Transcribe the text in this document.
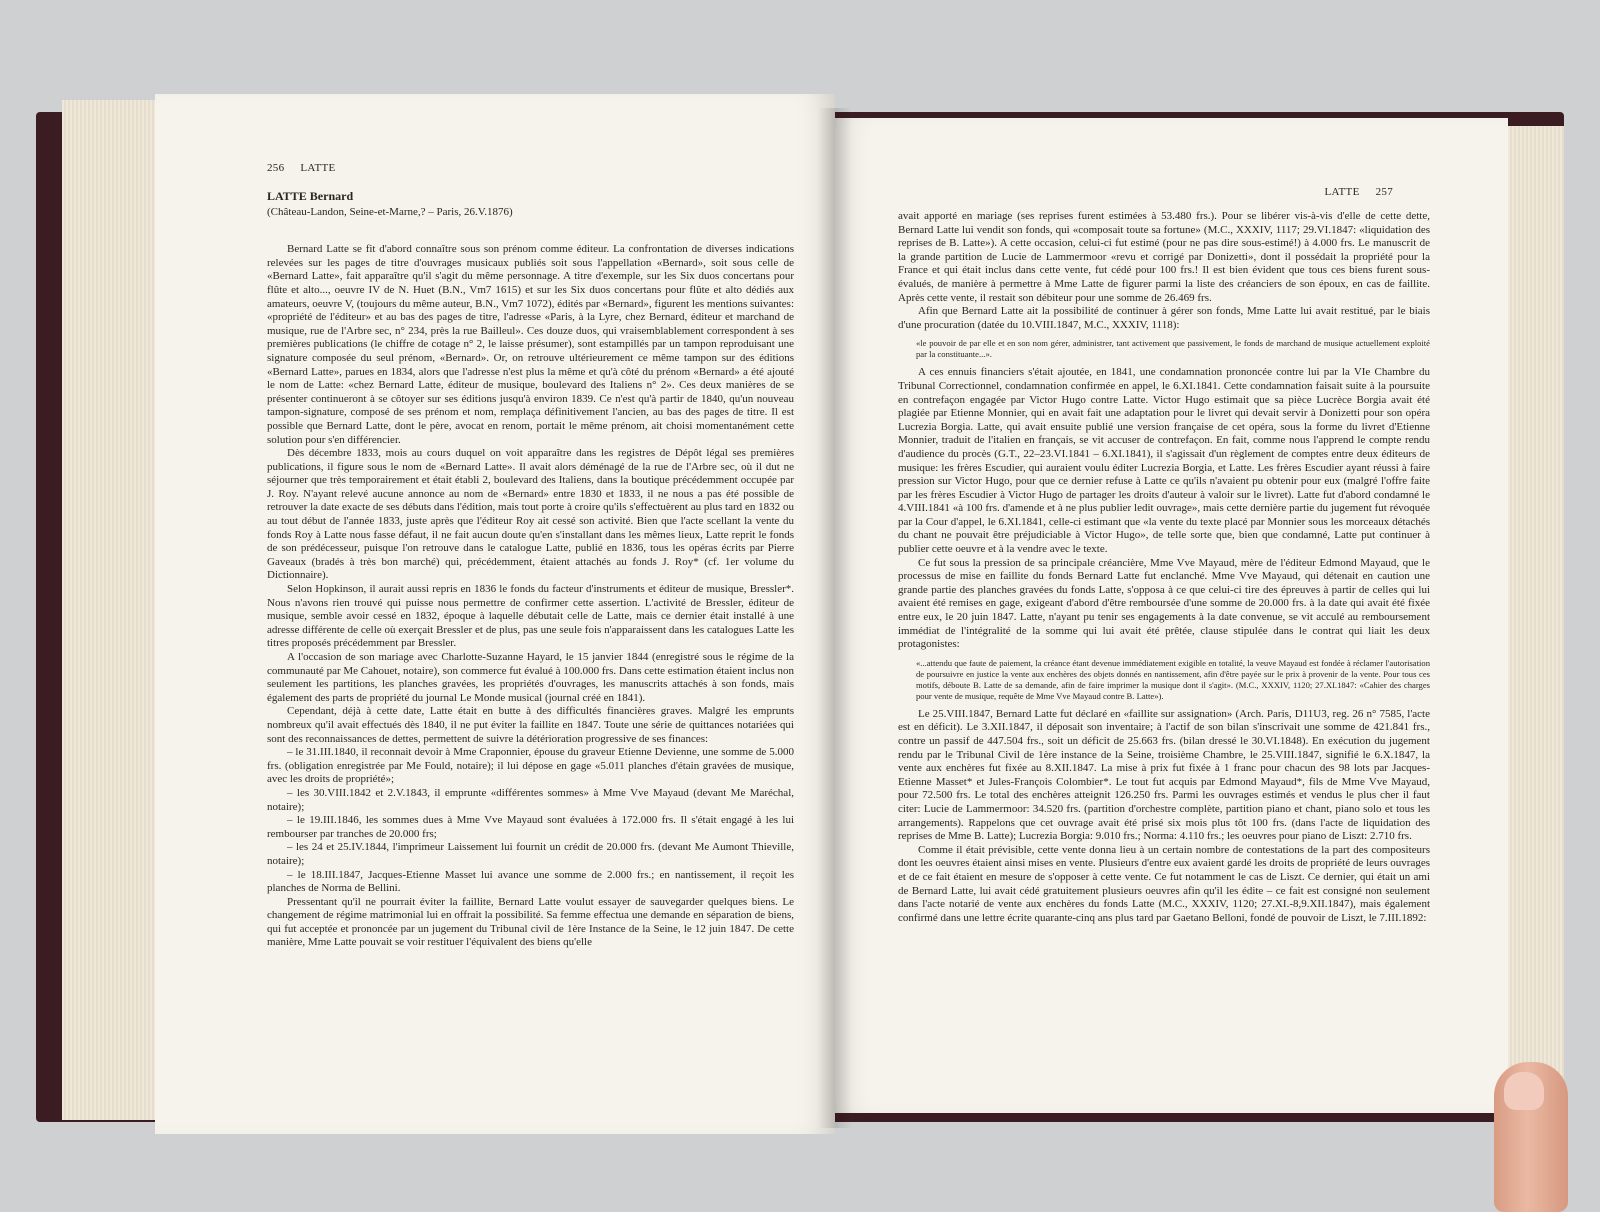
256 LATTE

LATTE Bernard

(Château-Landon, Seine-et-Marne,? – Paris, 26.V.1876)

Bernard Latte se fit d'abord connaître sous son prénom comme éditeur. La confrontation de diverses indications relevées sur les pages de titre d'ouvrages musicaux publiés soit sous l'appellation «Bernard», soit sous celle de «Bernard Latte», fait apparaître qu'il s'agit du même personnage. A titre d'exemple, sur les Six duos concertans pour flûte et alto..., oeuvre IV de N. Huet (B.N., Vm7 1615) et sur les Six duos concertans pour flûte et alto dédiés aux amateurs, oeuvre V, (toujours du même auteur, B.N., Vm7 1072), édités par «Bernard», figurent les mentions suivantes: «propriété de l'éditeur» et au bas des pages de titre, l'adresse «Paris, à la Lyre, chez Bernard, éditeur et marchand de musique, rue de l'Arbre sec, n° 234, près la rue Bailleul». Ces douze duos, qui vraisemblablement correspondent à ses premières publications (le chiffre de cotage n° 2, le laisse présumer), sont estampillés par un tampon reproduisant une signature composée du seul prénom, «Bernard». Or, on retrouve ultérieurement ce même tampon sur des éditions «Bernard Latte», parues en 1834, alors que l'adresse n'est plus la même et qu'à côté du prénom «Bernard» a été ajouté le nom de Latte: «chez Bernard Latte, éditeur de musique, boulevard des Italiens n° 2». Ces deux manières de se présenter continueront à se côtoyer sur ses éditions jusqu'à environ 1839. Ce n'est qu'à partir de 1840, qu'un nouveau tampon-signature, composé de ses prénom et nom, remplaça définitivement l'ancien, au bas des pages de titre. Il est possible que Bernard Latte, dont le père, avocat en renom, portait le même prénom, ait choisi momentanément cette solution pour s'en différencier.

Dès décembre 1833, mois au cours duquel on voit apparaître dans les registres de Dépôt légal ses premières publications, il figure sous le nom de «Bernard Latte». Il avait alors déménagé de la rue de l'Arbre sec, où il dut ne séjourner que très temporairement et était établi 2, boulevard des Italiens, dans la boutique précédemment occupée par J. Roy. N'ayant relevé aucune annonce au nom de «Bernard» entre 1830 et 1833, il ne nous a pas été possible de retrouver la date exacte de ses débuts dans l'édition, mais tout porte à croire qu'ils s'effectuèrent au plus tard en 1832 ou au tout début de l'année 1833, juste après que l'éditeur Roy ait cessé son activité. Bien que l'acte scellant la vente du fonds Roy à Latte nous fasse défaut, il ne fait aucun doute qu'en s'installant dans les mêmes lieux, Latte reprit le fonds de son prédécesseur, puisque l'on retrouve dans le catalogue Latte, publié en 1836, tous les opéras écrits par Pierre Gaveaux (bradés à très bon marché) qui, précédemment, étaient attachés au fonds J. Roy* (cf. 1er volume du Dictionnaire).

Selon Hopkinson, il aurait aussi repris en 1836 le fonds du facteur d'instruments et éditeur de musique, Bressler*. Nous n'avons rien trouvé qui puisse nous permettre de confirmer cette assertion. L'activité de Bressler, éditeur de musique, semble avoir cessé en 1832, époque à laquelle débutait celle de Latte, mais ce dernier était installé à une adresse différente de celle où exerçait Bressler et de plus, pas une seule fois n'apparaissent dans les catalogues Latte les titres proposés précédemment par Bressler.

A l'occasion de son mariage avec Charlotte-Suzanne Hayard, le 15 janvier 1844 (enregistré sous le régime de la communauté par Me Cahouet, notaire), son commerce fut évalué à 100.000 frs. Dans cette estimation étaient inclus non seulement les partitions, les planches gravées, les propriétés d'ouvrages, les manuscrits attachés à son fonds, mais également des parts de propriété du journal Le Monde musical (journal créé en 1841).

Cependant, déjà à cette date, Latte était en butte à des difficultés financières graves. Malgré les emprunts nombreux qu'il avait effectués dès 1840, il ne put éviter la faillite en 1847. Toute une série de quittances notariées qui sont des reconnaissances de dettes, permettent de suivre la détérioration progressive de ses finances:

– le 31.III.1840, il reconnait devoir à Mme Craponnier, épouse du graveur Etienne Devienne, une somme de 5.000 frs. (obligation enregistrée par Me Fould, notaire); il lui dépose en gage «5.011 planches d'étain gravées de musique, avec les droits de propriété»;

– les 30.VIII.1842 et 2.V.1843, il emprunte «différentes sommes» à Mme Vve Mayaud (devant Me Maréchal, notaire);

– le 19.III.1846, les sommes dues à Mme Vve Mayaud sont évaluées à 172.000 frs. Il s'était engagé à les lui rembourser par tranches de 20.000 frs;

– les 24 et 25.IV.1844, l'imprimeur Laissement lui fournit un crédit de 20.000 frs. (devant Me Aumont Thieville, notaire);

– le 18.III.1847, Jacques-Etienne Masset lui avance une somme de 2.000 frs.; en nantissement, il reçoit les planches de Norma de Bellini.

Pressentant qu'il ne pourrait éviter la faillite, Bernard Latte voulut essayer de sauvegarder quelques biens. Le changement de régime matrimonial lui en offrait la possibilité. Sa femme effectua une demande en séparation de biens, qui fut acceptée et prononcée par un jugement du Tribunal civil de 1ère Instance de la Seine, le 12 juin 1847. De cette manière, Mme Latte pouvait se voir restituer l'équivalent des biens qu'elle

LATTE 257

avait apporté en mariage (ses reprises furent estimées à 53.480 frs.). Pour se libérer vis-à-vis d'elle de cette dette, Bernard Latte lui vendit son fonds, qui «composait toute sa fortune» (M.C., XXXIV, 1117; 29.VI.1847: «liquidation des reprises de B. Latte»). A cette occasion, celui-ci fut estimé (pour ne pas dire sous-estimé!) à 4.000 frs. Le manuscrit de la grande partition de Lucie de Lammermoor «revu et corrigé par Donizetti», dont il possédait la propriété pour la France et qui était inclus dans cette vente, fut cédé pour 100 frs.! Il est bien évident que tous ces biens furent sous-évalués, de manière à permettre à Mme Latte de figurer parmi la liste des créanciers de son époux, en cas de faillite. Après cette vente, il restait son débiteur pour une somme de 26.469 frs.

Afin que Bernard Latte ait la possibilité de continuer à gérer son fonds, Mme Latte lui avait restitué, par le biais d'une procuration (datée du 10.VIII.1847, M.C., XXXIV, 1118):

«le pouvoir de par elle et en son nom gérer, administrer, tant activement que passivement, le fonds de marchand de musique actuellement exploité par la constituante...».

A ces ennuis financiers s'était ajoutée, en 1841, une condamnation prononcée contre lui par la VIe Chambre du Tribunal Correctionnel, condamnation confirmée en appel, le 6.XI.1841. Cette condamnation faisait suite à la poursuite en contrefaçon engagée par Victor Hugo contre Latte. Victor Hugo estimait que sa pièce Lucrèce Borgia avait été plagiée par Etienne Monnier, qui en avait fait une adaptation pour le livret qui devait servir à Donizetti pour son opéra Lucrezia Borgia. Latte, qui avait ensuite publié une version française de cet opéra, sous la forme du livret d'Etienne Monnier, traduit de l'italien en français, se vit accuser de contrefaçon. En fait, comme nous l'apprend le compte rendu d'audience du procès (G.T., 22–23.VI.1841 – 6.XI.1841), il s'agissait d'un règlement de comptes entre deux éditeurs de musique: les frères Escudier, qui auraient voulu éditer Lucrezia Borgia, et Latte. Les frères Escudier ayant réussi à faire pression sur Victor Hugo, pour que ce dernier refuse à Latte ce qu'ils n'avaient pu obtenir pour eux (malgré l'offre faite par les frères Escudier à Victor Hugo de partager les droits d'auteur à valoir sur le livret). Latte fut d'abord condamné le 4.VIII.1841 «à 100 frs. d'amende et à ne plus publier ledit ouvrage», mais cette dernière partie du jugement fut révoquée par la Cour d'appel, le 6.XI.1841, celle-ci estimant que «la vente du texte placé par Monnier sous les morceaux détachés du chant ne pouvait être préjudiciable à Victor Hugo», de telle sorte que, bien que condamné, Latte put continuer à publier cette oeuvre et à la vendre avec le texte.

Ce fut sous la pression de sa principale créancière, Mme Vve Mayaud, mère de l'éditeur Edmond Mayaud, que le processus de mise en faillite du fonds Bernard Latte fut enclanché. Mme Vve Mayaud, qui détenait en caution une grande partie des planches gravées du fonds Latte, s'opposa à ce que celui-ci tire des épreuves à partir de celles qui lui avaient été remises en gage, exigeant d'abord d'être remboursée d'une somme de 20.000 frs. à la date qui avait été fixée entre eux, le 20 juin 1847. Latte, n'ayant pu tenir ses engagements à la date convenue, se vit acculé au remboursement immédiat de l'intégralité de la somme qui lui avait été prêtée, clause stipulée dans le contrat qui liait les deux protagonistes:

«...attendu que faute de paiement, la créance étant devenue immédiatement exigible en totalité, la veuve Mayaud est fondée à réclamer l'autorisation de poursuivre en justice la vente aux enchères des objets donnés en nantissement, afin d'être payée sur le prix à provenir de la vente. Pour tous ces motifs, déboute B. Latte de sa demande, afin de faire imprimer la musique dont il s'agit». (M.C., XXXIV, 1120; 27.XI.1847: «Cahier des charges pour vente de musique, requête de Mme Vve Mayaud contre B. Latte»).

Le 25.VIII.1847, Bernard Latte fut déclaré en «faillite sur assignation» (Arch. Paris, D11U3, reg. 26 n° 7585, l'acte est en déficit). Le 3.XII.1847, il déposait son inventaire; à l'actif de son bilan s'inscrivait une somme de 421.841 frs., contre un passif de 447.504 frs., soit un déficit de 25.663 frs. (bilan dressé le 30.VI.1848). En exécution du jugement rendu par le Tribunal Civil de 1ère instance de la Seine, troisième Chambre, le 25.VIII.1847, signifié le 6.X.1847, la vente aux enchères fut fixée au 8.XII.1847. La mise à prix fut fixée à 1 franc pour chacun des 98 lots par Jacques-Etienne Masset* et Jules-François Colombier*. Le tout fut acquis par Edmond Mayaud*, fils de Mme Vve Mayaud, pour 72.500 frs. Le total des enchères atteignit 126.250 frs. Parmi les ouvrages estimés et vendus le plus cher il faut citer: Lucie de Lammermoor: 34.520 frs. (partition d'orchestre complète, partition piano et chant, piano solo et tous les arrangements). Rappelons que cet ouvrage avait été prisé six mois plus tôt 100 frs. (dans l'acte de liquidation des reprises de Mme B. Latte); Lucrezia Borgia: 9.010 frs.; Norma: 4.110 frs.; les oeuvres pour piano de Liszt: 2.710 frs.

Comme il était prévisible, cette vente donna lieu à un certain nombre de contestations de la part des compositeurs dont les oeuvres étaient ainsi mises en vente. Plusieurs d'entre eux avaient gardé les droits de propriété de leurs ouvrages et de ce fait étaient en mesure de s'opposer à cette vente. Ce fut notamment le cas de Liszt. Ce dernier, qui était un ami de Bernard Latte, lui avait cédé gratuitement plusieurs oeuvres afin qu'il les édite – ce fait est consigné non seulement dans l'acte notarié de vente aux enchères du fonds Latte (M.C., XXXIV, 1120; 27.XI.-8,9.XII.1847), mais également confirmé dans une lettre écrite quarante-cinq ans plus tard par Gaetano Belloni, fondé de pouvoir de Liszt, le 7.III.1892:
